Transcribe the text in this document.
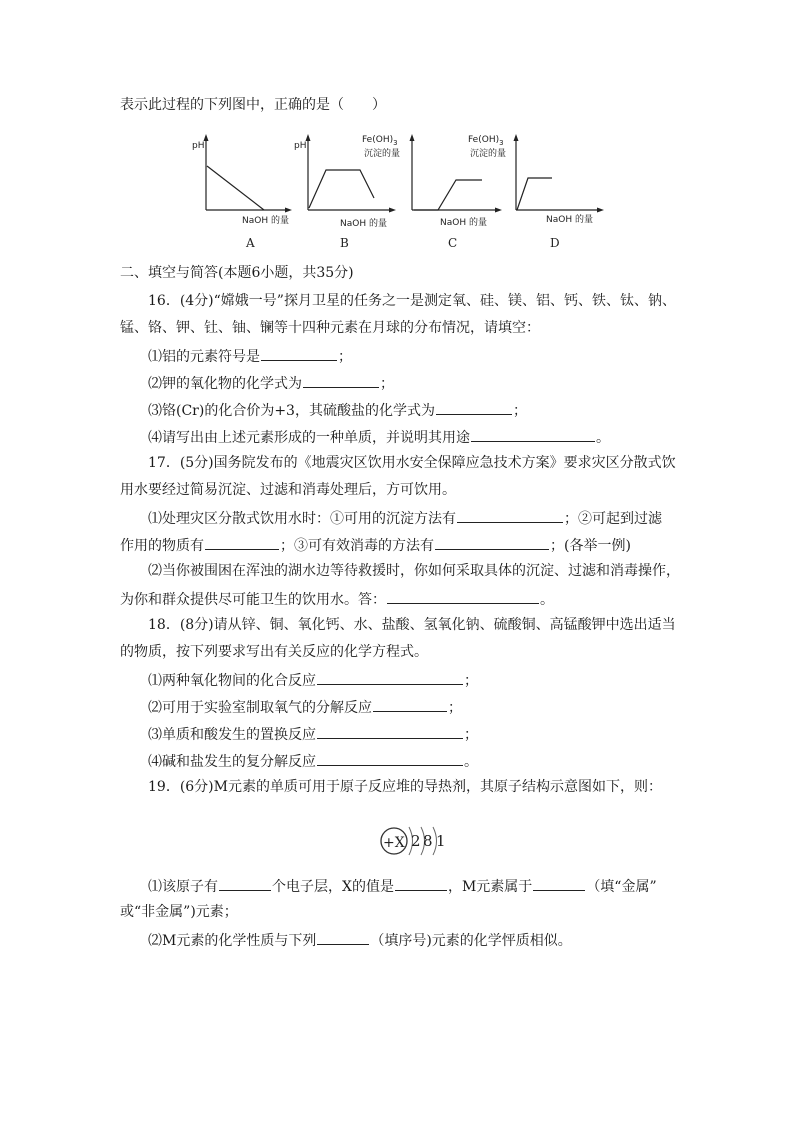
表示此过程的下列图中，正确的是（　　）
pH
NaOH 的量
A
pH
NaOH 的量
B
$Fe(OH)_3$
沉淀的量
NaOH 的量
C
$Fe(OH)_3$
沉淀的量
NaOH 的量
D
二、填空与简答(本题6小题，共35分)
16．(4分)“嫦娥一号”探月卫星的任务之一是测定氧、硅、镁、铝、钙、铁、钛、钠、
锰、铬、钾、钍、铀、镧等十四种元素在月球的分布情况，请填空：
⑴铝的元素符号是	；
⑵钾的氧化物的化学式为	；
⑶铬(Cr)的化合价为+3，其硫酸盐的化学式为	；
⑷请写出由上述元素形成的一种单质，并说明其用途	。
17．(5分)国务院发布的《地震灾区饮用水安全保障应急技术方案》要求灾区分散式饮
用水要经过简易沉淀、过滤和消毒处理后，方可饮用。
⑴处理灾区分散式饮用水时：①可用的沉淀方法有	；②可起到过滤
作用的物质有	；③可有效消毒的方法有	；(各举一例)
⑵当你被围困在浑浊的湖水边等待救援时，你如何采取具体的沉淀、过滤和消毒操作，
为你和群众提供尽可能卫生的饮用水。答：	。
18．(8分)请从锌、铜、氧化钙、水、盐酸、氢氧化钠、硫酸铜、高锰酸钾中选出适当
的物质，按下列要求写出有关反应的化学方程式。
⑴两种氧化物间的化合反应	；
⑵可用于实验室制取氧气的分解反应	；
⑶单质和酸发生的置换反应	；
⑷碱和盐发生的复分解反应	。
19．(6分)M元素的单质可用于原子反应堆的导热剂，其原子结构示意图如下，则：
+X 2 8 1
⑴该原子有	个电子层，X的值是	，M元素属于	（填“金属”
或“非金属”)元素；
⑵M元素的化学性质与下列	（填序号)元素的化学怦质相似。
